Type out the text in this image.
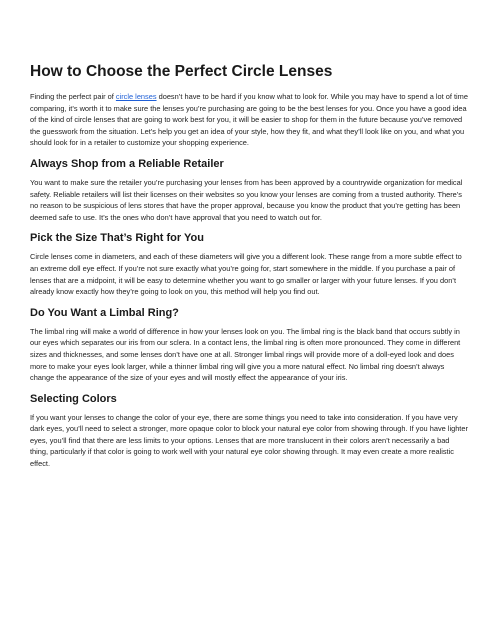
How to Choose the Perfect Circle Lenses

Finding the perfect pair of circle lenses doesn’t have to be hard if you know what to look for. While you may have to spend a lot of time comparing, it’s worth it to make sure the lenses you’re purchasing are going to be the best lenses for you. Once you have a good idea of the kind of circle lenses that are going to work best for you, it will be easier to shop for them in the future because you’ve removed the guesswork from the situation. Let’s help you get an idea of your style, how they fit, and what they’ll look like on you, and what you should look for in a retailer to customize your shopping experience.

Always Shop from a Reliable Retailer

You want to make sure the retailer you’re purchasing your lenses from has been approved by a countrywide organization for medical safety. Reliable retailers will list their licenses on their websites so you know your lenses are coming from a trusted authority. There’s no reason to be suspicious of lens stores that have the proper approval, because you know the product that you’re getting has been deemed safe to use. It’s the ones who don’t have approval that you need to watch out for.

Pick the Size That’s Right for You

Circle lenses come in diameters, and each of these diameters will give you a different look. These range from a more subtle effect to an extreme doll eye effect. If you’re not sure exactly what you’re going for, start somewhere in the middle. If you purchase a pair of lenses that are a midpoint, it will be easy to determine whether you want to go smaller or larger with your future lenses. If you don’t already know exactly how they’re going to look on you, this method will help you find out.

Do You Want a Limbal Ring?

The limbal ring will make a world of difference in how your lenses look on you. The limbal ring is the black band that occurs subtly in our eyes which separates our iris from our sclera. In a contact lens, the limbal ring is often more pronounced. They come in different sizes and thicknesses, and some lenses don’t have one at all. Stronger limbal rings will provide more of a doll-eyed look and does more to make your eyes look larger, while a thinner limbal ring will give you a more natural effect. No limbal ring doesn’t always change the appearance of the size of your eyes and will mostly effect the appearance of your iris.

Selecting Colors

If you want your lenses to change the color of your eye, there are some things you need to take into consideration. If you have very dark eyes, you’ll need to select a stronger, more opaque color to block your natural eye color from showing through. If you have lighter eyes, you’ll find that there are less limits to your options. Lenses that are more translucent in their colors aren’t necessarily a bad thing, particularly if that color is going to work well with your natural eye color showing through. It may even create a more realistic effect.
